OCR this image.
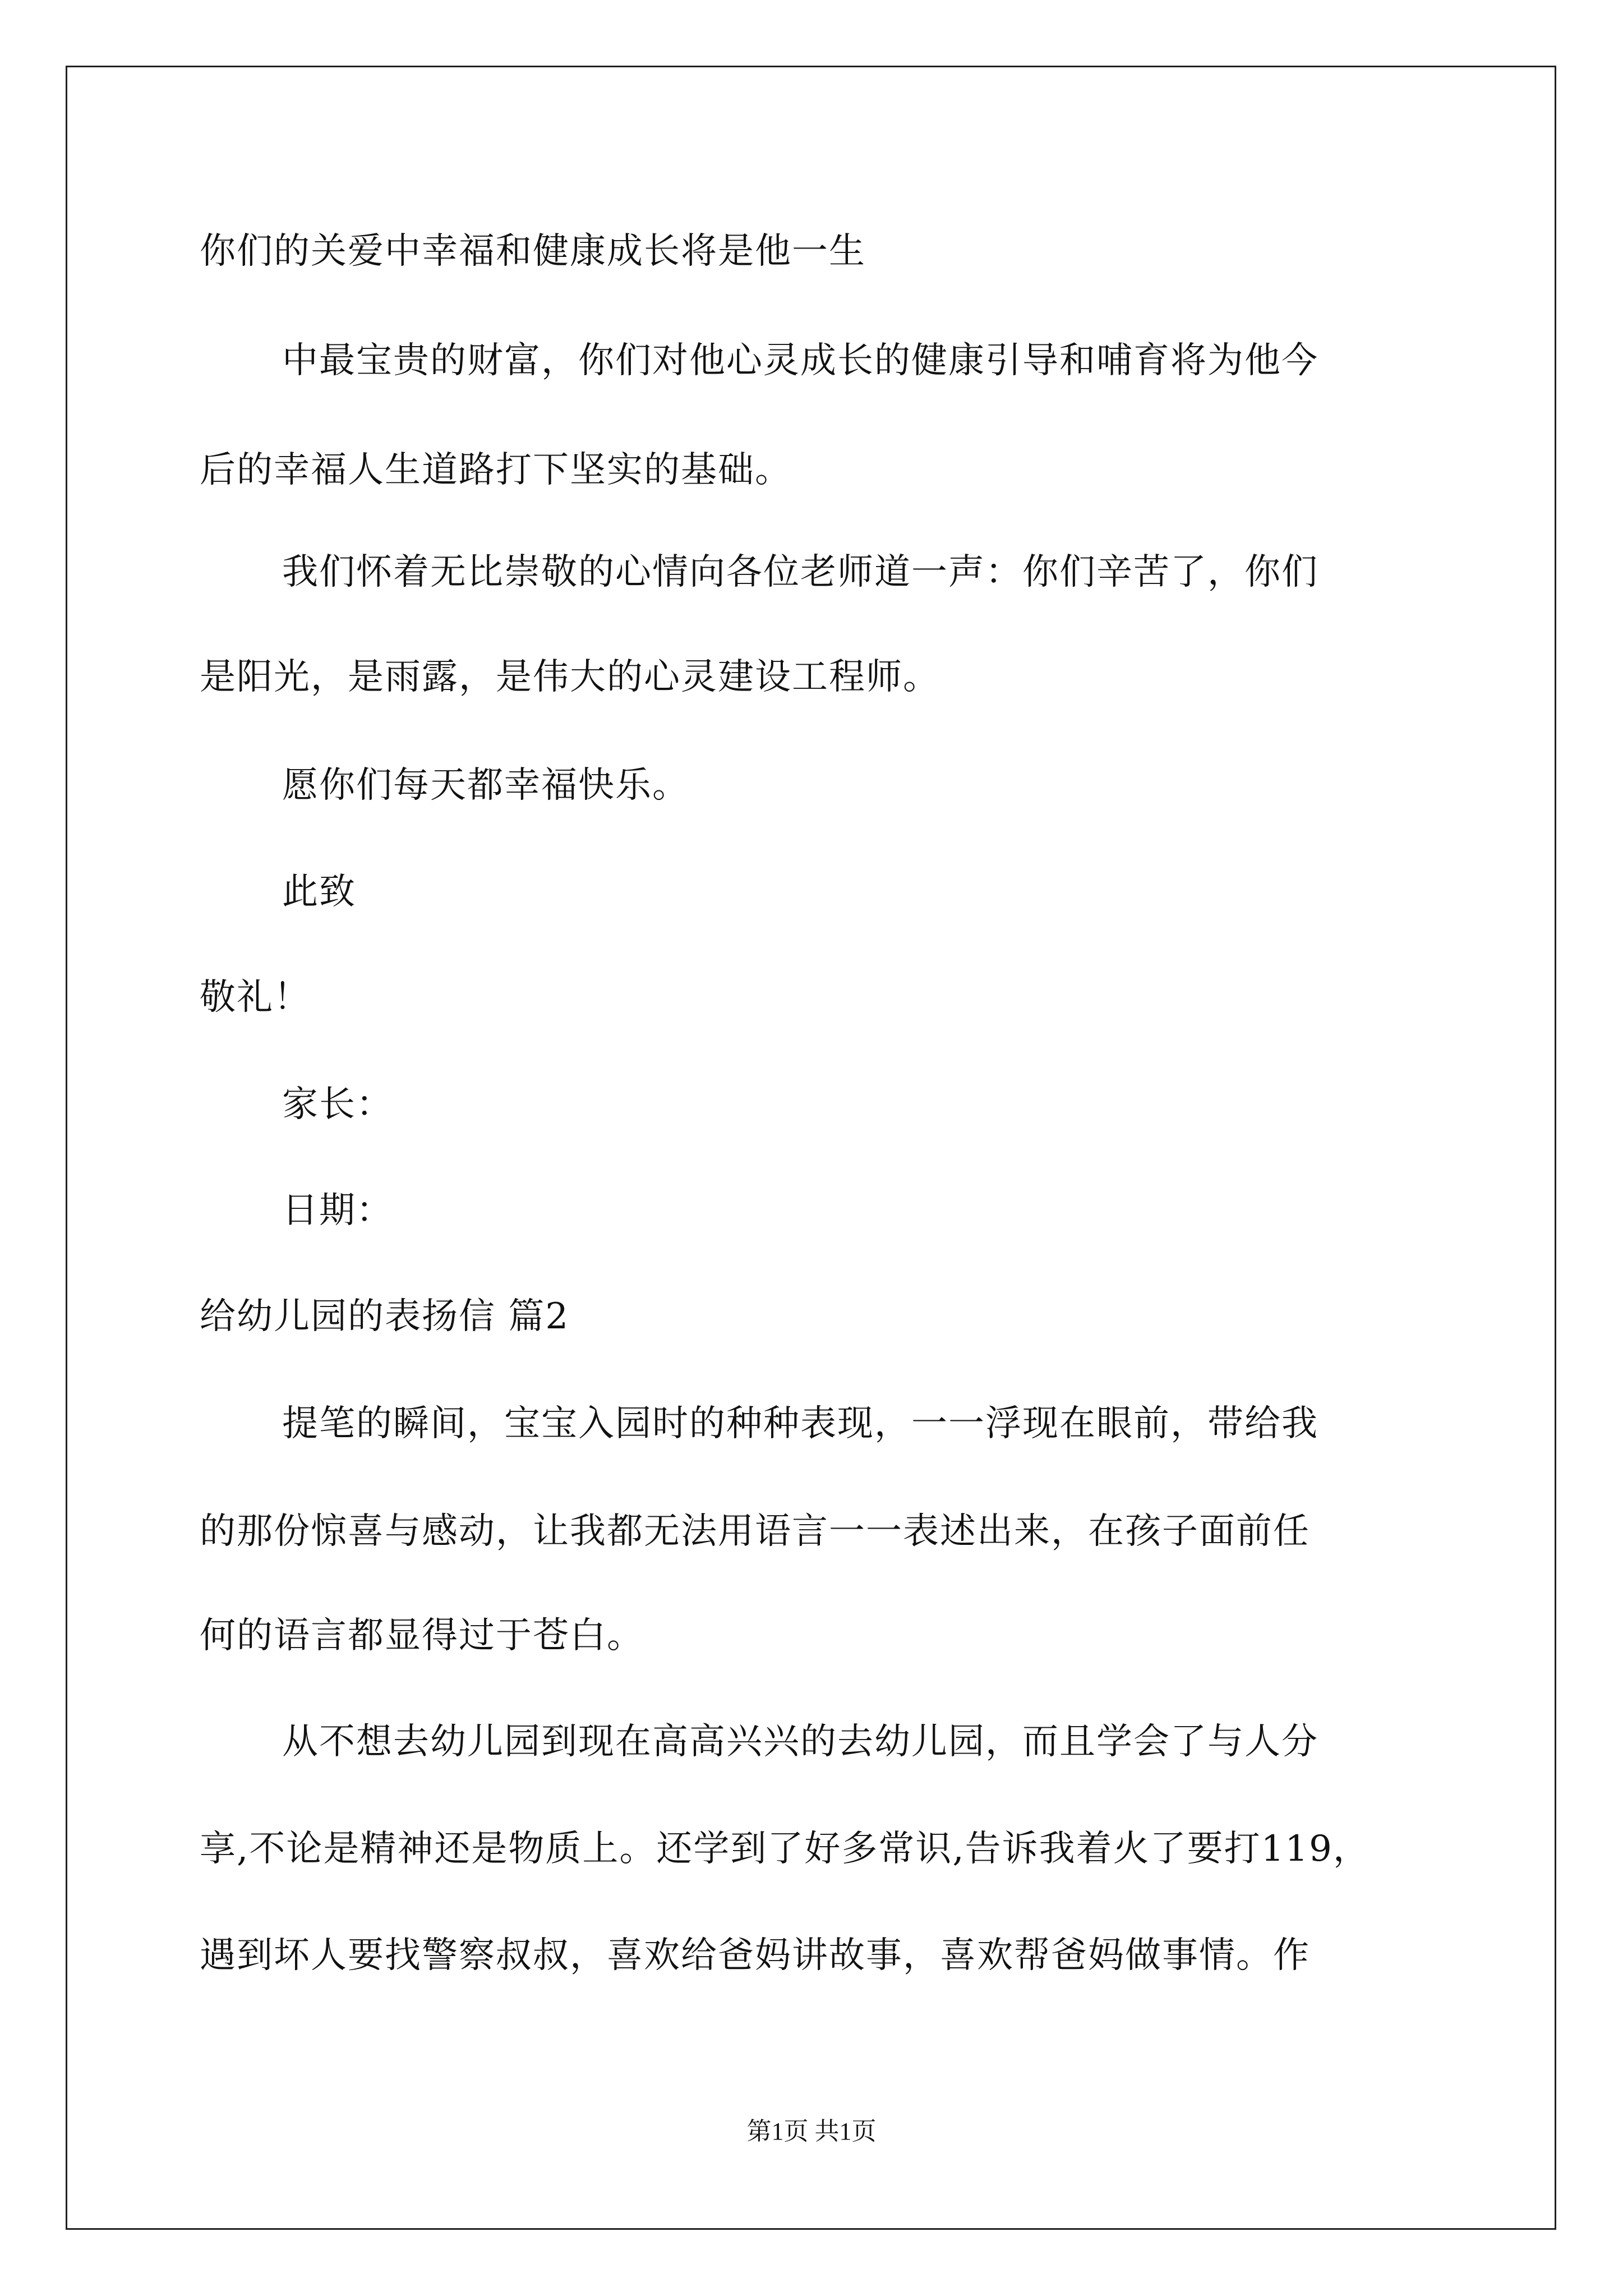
你们的关爱中幸福和健康成长将是他一生
中最宝贵的财富，你们对他心灵成长的健康引导和哺育将为他今
后的幸福人生道路打下坚实的基础。
我们怀着无比崇敬的心情向各位老师道一声：你们辛苦了，你们
是阳光，是雨露，是伟大的心灵建设工程师。
愿你们每天都幸福快乐。
此致
敬礼！
家长：
日期：
给幼儿园的表扬信 篇2
提笔的瞬间，宝宝入园时的种种表现，一一浮现在眼前，带给我
的那份惊喜与感动，让我都无法用语言一一表述出来，在孩子面前任
何的语言都显得过于苍白。
从不想去幼儿园到现在高高兴兴的去幼儿园，而且学会了与人分
享,不论是精神还是物质上。还学到了好多常识,告诉我着火了要打119，
遇到坏人要找警察叔叔，喜欢给爸妈讲故事，喜欢帮爸妈做事情。作
第1页 共1页
